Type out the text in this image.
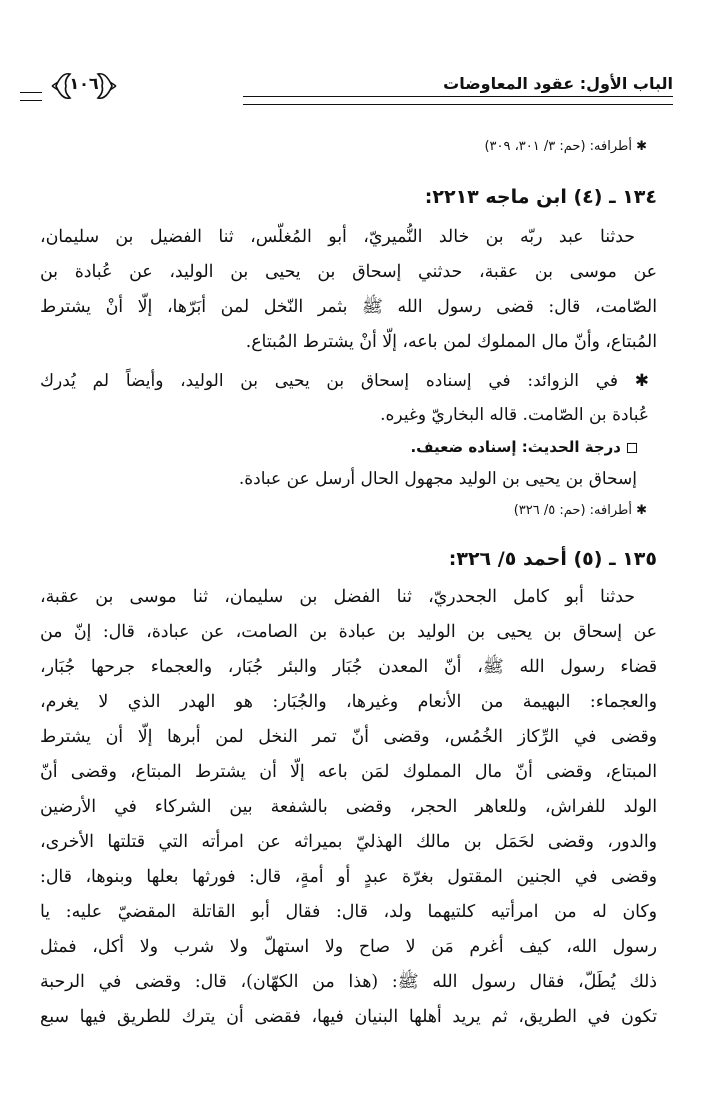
الباب الأول: عقود المعاوضات
١٠٦
✱ أطرافه: (حم: ٣/ ٣٠١، ٣٠٩)
١٣٤ ـ (٤) ابن ماجه ٢٢١٣:
حدثنا عبد ربّه بن خالد النُّميريّ، أبو المُغلّس، ثنا الفضيل بن سليمان،
عن موسى بن عقبة، حدثني إسحاق بن يحيى بن الوليد، عن عُبادة بن
الصّامت، قال: قضى رسول الله ﷺ بثمر النّخل لمن أبَرّها، إلّا أنْ يشترط
المُبتاع، وأنّ مال المملوك لمن باعه، إلّا أنْ يشترط المُبتاع.
✱ في الزوائد: في إسناده إسحاق بن يحيى بن الوليد، وأيضاً لم يُدرك
عُبادة بن الصّامت. قاله البخاريّ وغيره.
درجة الحديث: إسناده ضعيف.
إسحاق بن يحيى بن الوليد مجهول الحال أرسل عن عبادة.
✱ أطرافه: (حم: ٥/ ٣٢٦)
١٣٥ ـ (٥) أحمد ٥/ ٣٢٦:
حدثنا أبو كامل الجحدريّ، ثنا الفضل بن سليمان، ثنا موسى بن عقبة،
عن إسحاق بن يحيى بن الوليد بن عبادة بن الصامت، عن عبادة، قال: إنّ من
قضاء رسول الله ﷺ، أنّ المعدن جُبَار والبئر جُبَار، والعجماء جرحها جُبَار،
والعجماء: البهيمة من الأنعام وغيرها، والجُبَار: هو الهدر الذي لا يغرم،
وقضى في الرِّكاز الخُمُس، وقضى أنّ تمر النخل لمن أبرها إلّا أن يشترط
المبتاع، وقضى أنّ مال المملوك لمَن باعه إلّا أن يشترط المبتاع، وقضى أنّ
الولد للفراش، وللعاهر الحجر، وقضى بالشفعة بين الشركاء في الأرضين
والدور، وقضى لحَمَل بن مالك الهذليّ بميراثه عن امرأته التي قتلتها الأخرى،
وقضى في الجنين المقتول بغرّة عبدٍ أو أمةٍ، قال: فورثها بعلها وبنوها، قال:
وكان له من امرأتيه كلتيهما ولد، قال: فقال أبو القاتلة المقضيّ عليه: يا
رسول الله، كيف أغرم مَن لا صاح ولا استهلّ ولا شرب ولا أكل، فمثل
ذلك يُطَلّ، فقال رسول الله ﷺ: (هذا من الكهّان)، قال: وقضى في الرحبة
تكون في الطريق، ثم يريد أهلها البنيان فيها، فقضى أن يترك للطريق فيها سبع
